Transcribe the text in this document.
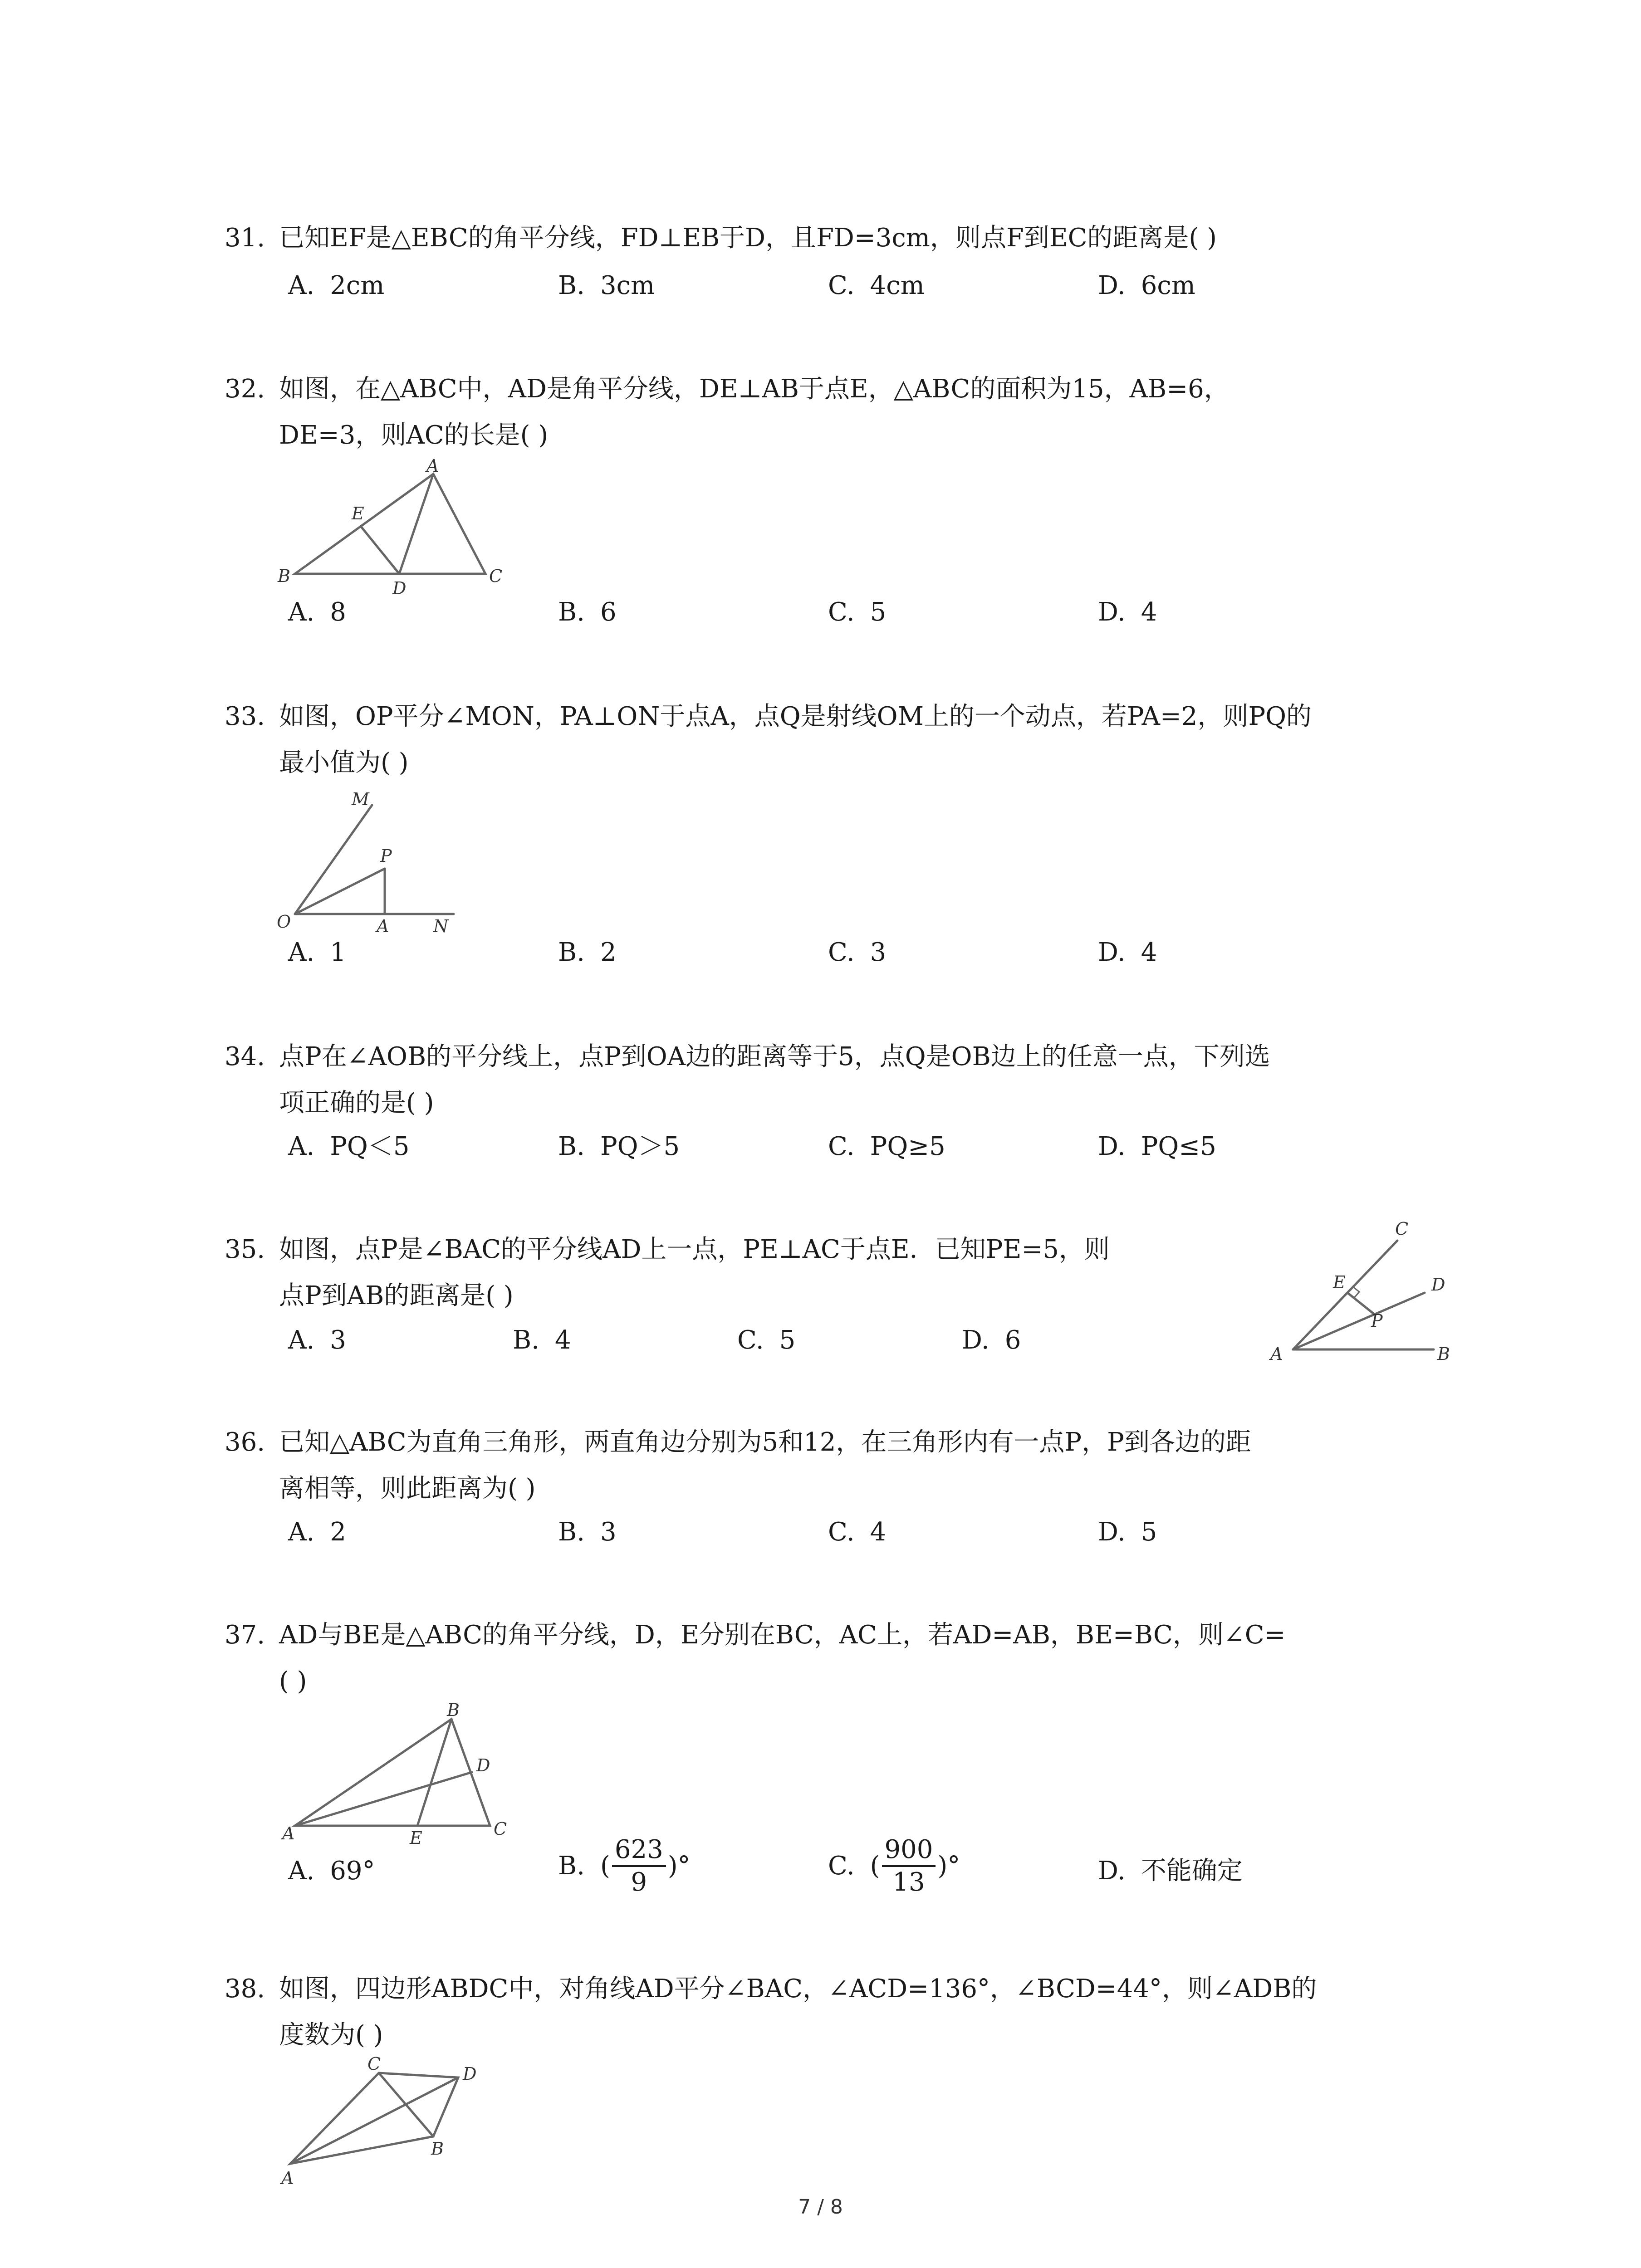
31. 已知EF是△EBC的角平分线，FD⊥EB于D，且FD=3cm，则点F到EC的距离是( )
A. 2cm	B. 3cm	C. 4cm	D. 6cm
32. 如图，在△ABC中，AD是角平分线，DE⊥AB于点E，△ABC的面积为15，AB=6，
DE=3，则AC的长是( )
A
E
B
D
C
A. 8	B. 6	C. 5	D. 4
33. 如图，OP平分∠MON，PA⊥ON于点A，点Q是射线OM上的一个动点，若PA=2，则PQ的
最小值为( )
M
P
O	A	N
A. 1	B. 2	C. 3	D. 4
34. 点P在∠AOB的平分线上，点P到OA边的距离等于5，点Q是OB边上的任意一点，下列选
项正确的是( )
A. PQ＜5	B. PQ＞5	C. PQ≥5	D. PQ≤5
35. 如图，点P是∠BAC的平分线AD上一点，PE⊥AC于点E．已知PE=5，则
点P到AB的距离是( )
C
E	D
P
A	B
A. 3	B. 4	C. 5	D. 6
36. 已知△ABC为直角三角形，两直角边分别为5和12，在三角形内有一点P，P到各边的距
离相等，则此距离为( )
A. 2	B. 3	C. 4	D. 5
37. AD与BE是△ABC的角平分线，D，E分别在BC，AC上，若AD=AB，BE=BC，则∠C=
( )
B
D
A	E	C
A. 69°	B. ( $\frac{623}{9}$ )°	C. ( $\frac{900}{13}$ )°	D. 不能确定
38. 如图，四边形ABDC中，对角线AD平分∠BAC，∠ACD=136°，∠BCD=44°，则∠ADB的
度数为( )
C	D
B
A
7 / 8
